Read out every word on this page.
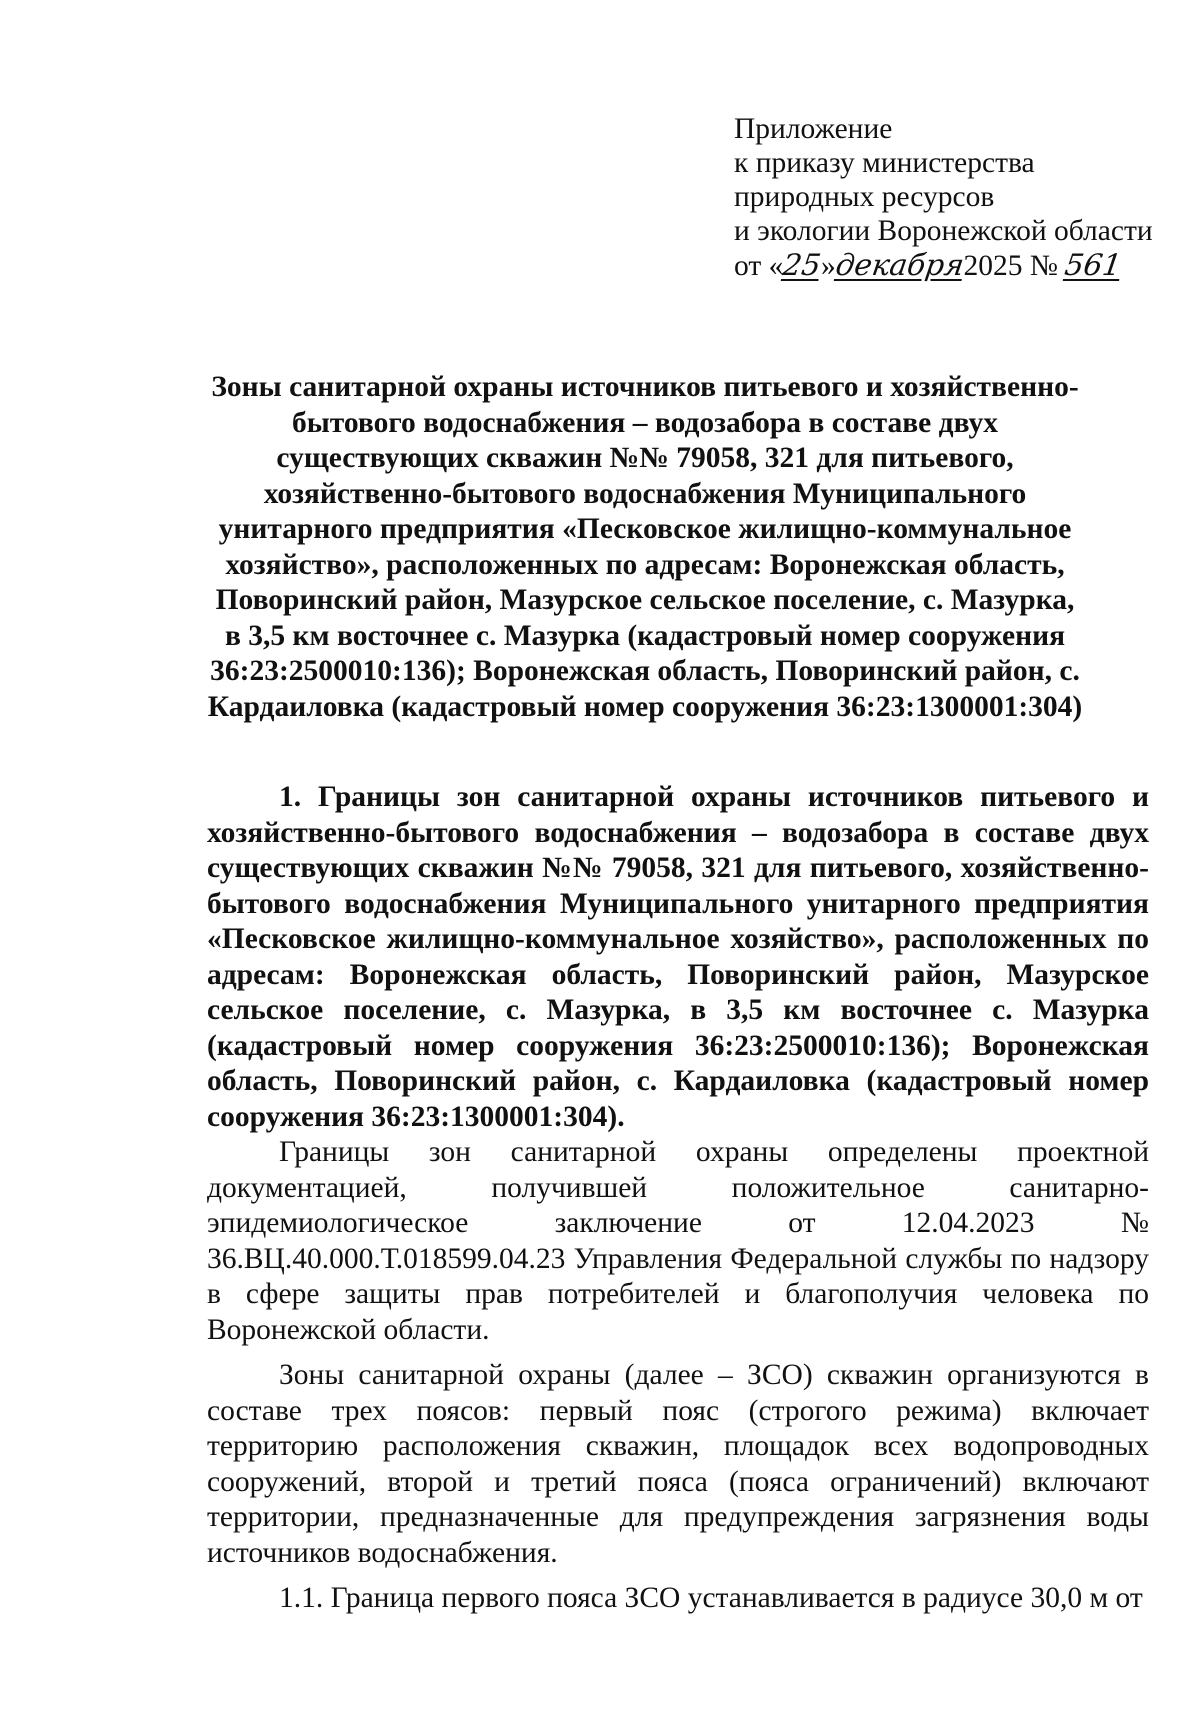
Приложение
к приказу министерства
природных ресурсов
и экологии Воронежской области
от «25»декабря2025 № 561
Зоны санитарной охраны источников питьевого и хозяйственно-бытового водоснабжения – водозабора в составе двух существующих скважин №№ 79058, 321 для питьевого, хозяйственно-бытового водоснабжения Муниципального унитарного предприятия «Песковское жилищно-коммунальное хозяйство», расположенных по адресам: Воронежская область, Поворинский район, Мазурское сельское поселение, с. Мазурка, в 3,5 км восточнее с. Мазурка (кадастровый номер сооружения 36:23:2500010:136); Воронежская область, Поворинский район, с. Кардаиловка (кадастровый номер сооружения 36:23:1300001:304)

1. Границы зон санитарной охраны источников питьевого и хозяйственно-бытового водоснабжения – водозабора в составе двух существующих скважин №№ 79058, 321 для питьевого, хозяйственно-бытового водоснабжения Муниципального унитарного предприятия «Песковское жилищно-коммунальное хозяйство», расположенных по адресам: Воронежская область, Поворинский район, Мазурское сельское поселение, с. Мазурка, в 3,5 км восточнее с. Мазурка (кадастровый номер сооружения 36:23:2500010:136); Воронежская область, Поворинский район, с. Кардаиловка (кадастровый номер сооружения 36:23:1300001:304).

Границы зон санитарной охраны определены проектной документацией, получившей положительное санитарно-эпидемиологическое заключение от 12.04.2023 № 36.ВЦ.40.000.Т.018599.04.23 Управления Федеральной службы по надзору в сфере защиты прав потребителей и благополучия человека по Воронежской области.

Зоны санитарной охраны (далее – ЗСО) скважин организуются в составе трех поясов: первый пояс (строгого режима) включает территорию расположения скважин, площадок всех водопроводных сооружений, второй и третий пояса (пояса ограничений) включают территории, предназначенные для предупреждения загрязнения воды источников водоснабжения.

1.1. Граница первого пояса ЗСО устанавливается в радиусе 30,0 м от
